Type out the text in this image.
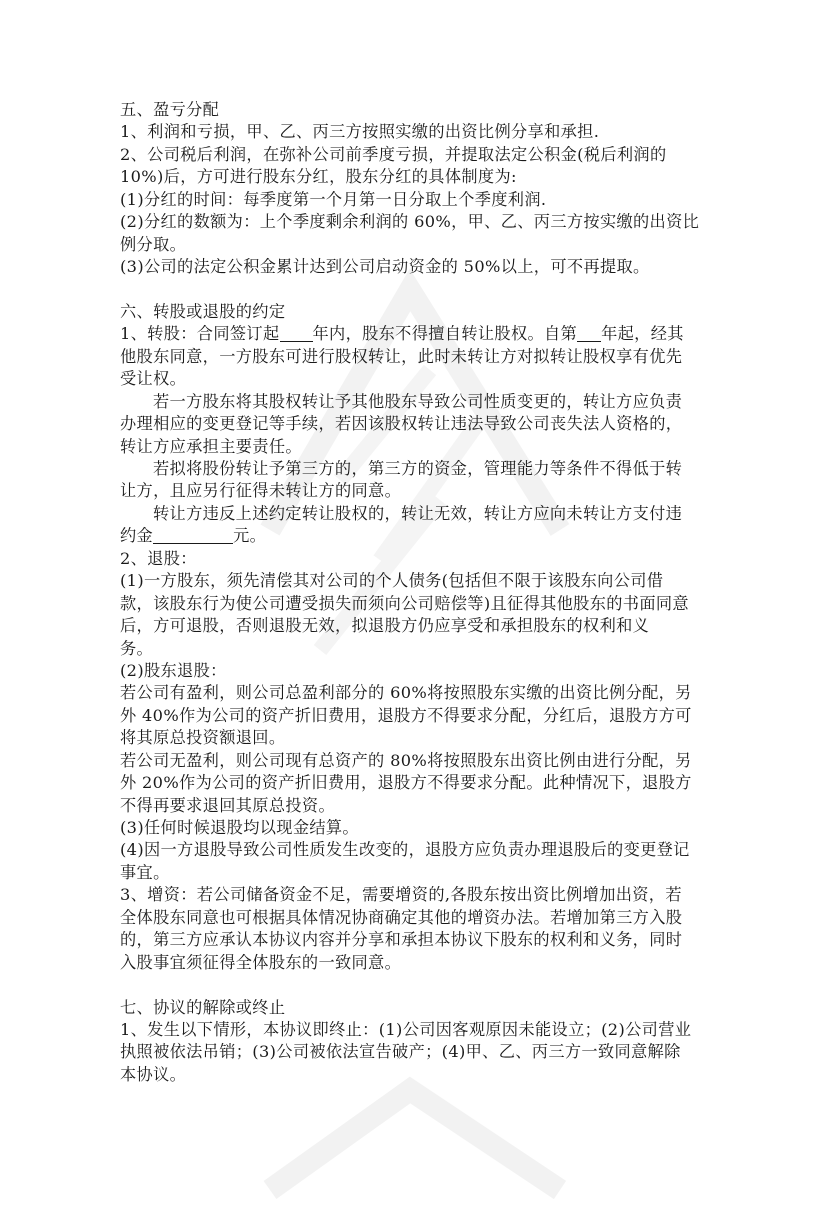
五、盈亏分配
1、利润和亏损，甲、乙、丙三方按照实缴的出资比例分享和承担.
2、公司税后利润，在弥补公司前季度亏损，并提取法定公积金(税后利润的
10%)后，方可进行股东分红，股东分红的具体制度为:
(1)分红的时间：每季度第一个月第一日分取上个季度利润.
(2)分红的数额为：上个季度剩余利润的 60%，甲、乙、丙三方按实缴的出资比
例分取。
(3)公司的法定公积金累计达到公司启动资金的 50%以上，可不再提取。
六、转股或退股的约定
1、转股：合同签订起 年内，股东不得擅自转让股权。自第 年起，经其
他股东同意，一方股东可进行股权转让，此时未转让方对拟转让股权享有优先
受让权。
若一方股东将其股权转让予其他股东导致公司性质变更的，转让方应负责
办理相应的变更登记等手续，若因该股权转让违法导致公司丧失法人资格的，
转让方应承担主要责任。
若拟将股份转让予第三方的，第三方的资金，管理能力等条件不得低于转
让方，且应另行征得未转让方的同意。
转让方违反上述约定转让股权的，转让无效，转让方应向未转让方支付违
约金	元。
2、退股：
(1)一方股东，须先清偿其对公司的个人债务(包括但不限于该股东向公司借
款，该股东行为使公司遭受损失而须向公司赔偿等)且征得其他股东的书面同意
后，方可退股，否则退股无效，拟退股方仍应享受和承担股东的权利和义
务。
(2)股东退股：
若公司有盈利，则公司总盈利部分的 60%将按照股东实缴的出资比例分配，另
外 40%作为公司的资产折旧费用，退股方不得要求分配，分红后，退股方方可
将其原总投资额退回。
若公司无盈利，则公司现有总资产的 80%将按照股东出资比例由进行分配，另
外 20%作为公司的资产折旧费用，退股方不得要求分配。此种情况下，退股方
不得再要求退回其原总投资。
(3)任何时候退股均以现金结算。
(4)因一方退股导致公司性质发生改变的，退股方应负责办理退股后的变更登记
事宜。
3、增资：若公司储备资金不足，需要增资的,各股东按出资比例增加出资，若
全体股东同意也可根据具体情况协商确定其他的增资办法。若增加第三方入股
的，第三方应承认本协议内容并分享和承担本协议下股东的权利和义务，同时
入股事宜须征得全体股东的一致同意。
七、协议的解除或终止
1、发生以下情形，本协议即终止：(1)公司因客观原因未能设立；(2)公司营业
执照被依法吊销；(3)公司被依法宣告破产；(4)甲、乙、丙三方一致同意解除
本协议。
